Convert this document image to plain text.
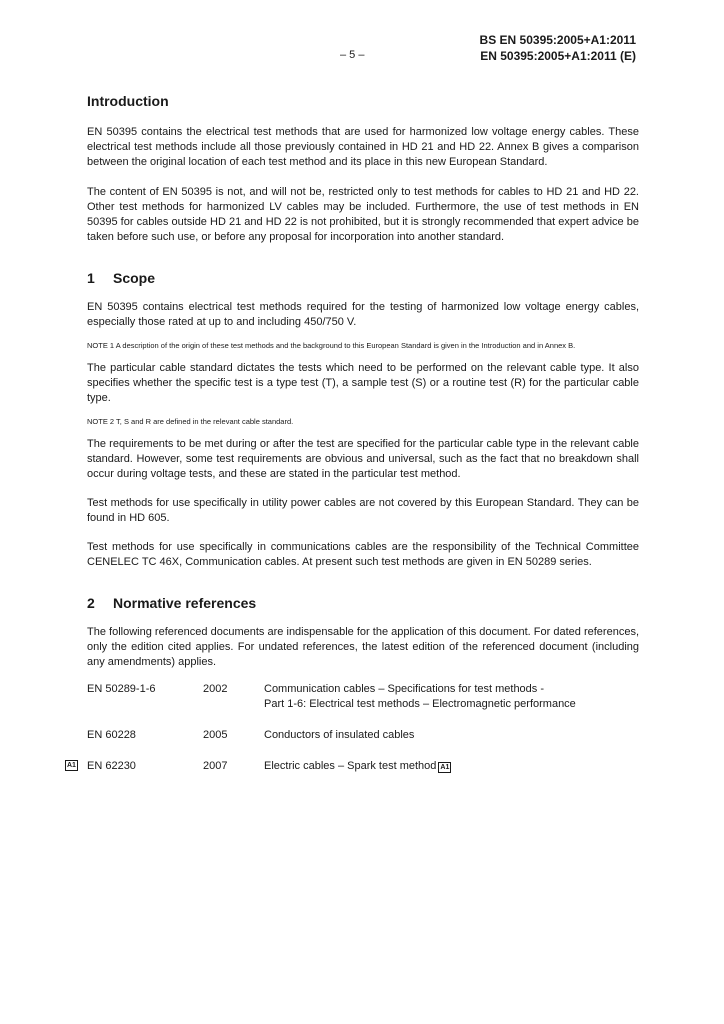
BS EN 50395:2005+A1:2011
EN 50395:2005+A1:2011 (E)
– 5 –
Introduction

EN 50395 contains the electrical test methods that are used for harmonized low voltage energy cables. These electrical test methods include all those previously contained in HD 21 and HD 22. Annex B gives a comparison between the original location of each test method and its place in this new European Standard.

The content of EN 50395 is not, and will not be, restricted only to test methods for cables to HD 21 and HD 22. Other test methods for harmonized LV cables may be included. Furthermore, the use of test methods in EN 50395 for cables outside HD 21 and HD 22 is not prohibited, but it is strongly recommended that expert advice be taken before such use, or before any proposal for incorporation into another standard.

1 Scope

EN 50395 contains electrical test methods required for the testing of harmonized low voltage energy cables, especially those rated at up to and including 450/750 V.

NOTE 1 A description of the origin of these test methods and the background to this European Standard is given in the Introduction and in Annex B.

The particular cable standard dictates the tests which need to be performed on the relevant cable type. It also specifies whether the specific test is a type test (T), a sample test (S) or a routine test (R) for the particular cable type.

NOTE 2 T, S and R are defined in the relevant cable standard.

The requirements to be met during or after the test are specified for the particular cable type in the relevant cable standard. However, some test requirements are obvious and universal, such as the fact that no breakdown shall occur during voltage tests, and these are stated in the particular test method.

Test methods for use specifically in utility power cables are not covered by this European Standard. They can be found in HD 605.

Test methods for use specifically in communications cables are the responsibility of the Technical Committee CENELEC TC 46X, Communication cables. At present such test methods are given in EN 50289 series.

2 Normative references

The following referenced documents are indispensable for the application of this document. For dated references, only the edition cited applies. For undated references, the latest edition of the referenced document (including any amendments) applies.

EN 50289-1-6	2002	Communication cables – Specifications for test methods -
Part 1-6: Electrical test methods – Electromagnetic performance
EN 60228	2005	Conductors of insulated cables
A1 EN 62230	2007	Electric cables – Spark test method A1
